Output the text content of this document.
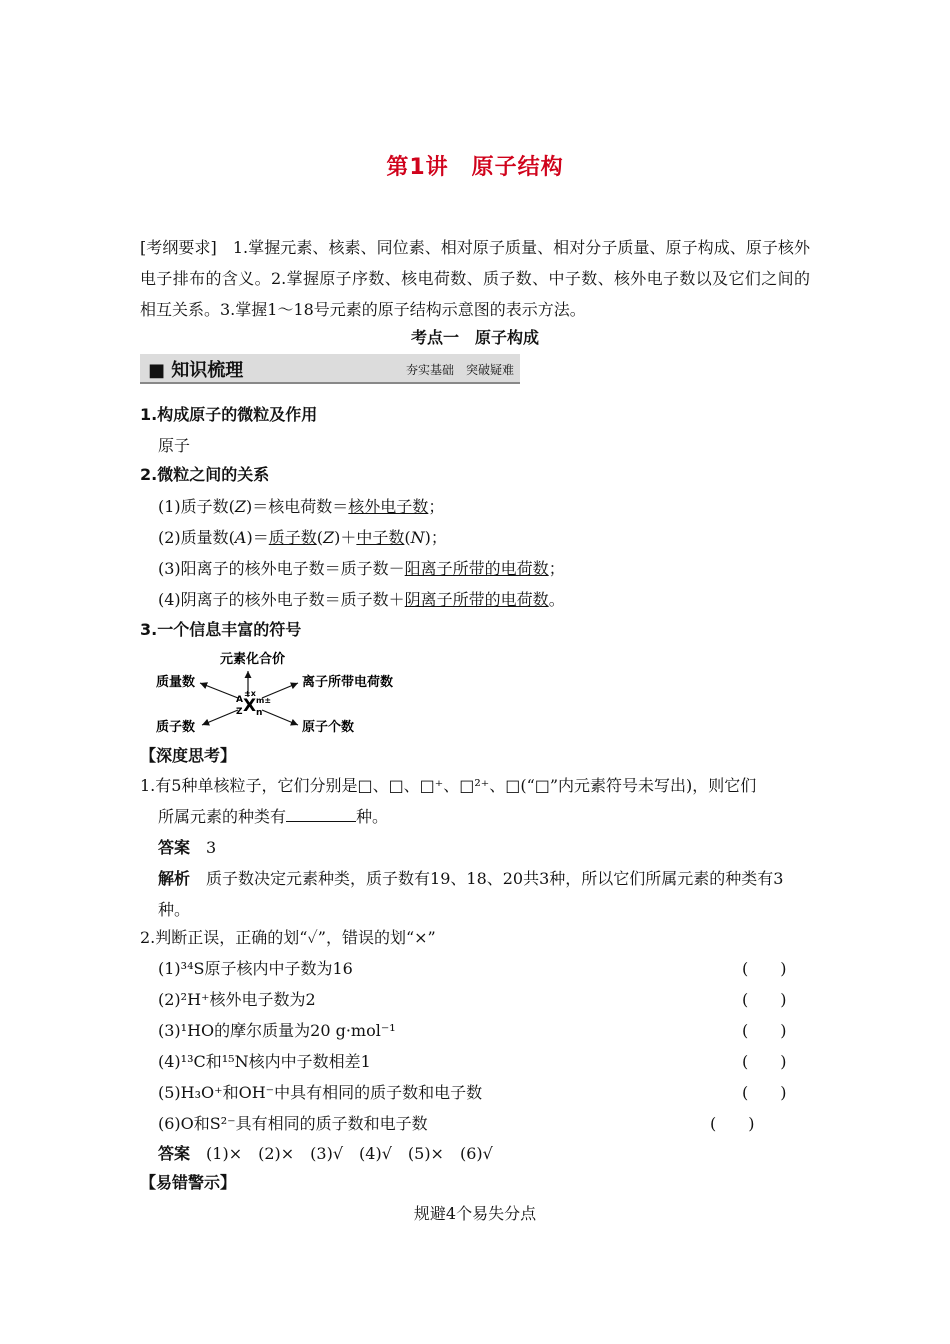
第1讲　原子结构
[考纲要求]　1.掌握元素、核素、同位素、相对原子质量、相对分子质量、原子构成、原子核外电子排布的含义。2.掌握原子序数、核电荷数、质子数、中子数、核外电子数以及它们之间的相互关系。3.掌握1～18号元素的原子结构示意图的表示方法。
考点一　原子构成
■ 知识梳理	夯实基础　突破疑难
1.构成原子的微粒及作用
原子
2.微粒之间的关系
(1)质子数(Z)＝核电荷数＝核外电子数；
(2)质量数(A)＝质子数(Z)＋中子数(N)；
(3)阳离子的核外电子数＝质子数－阳离子所带的电荷数；
(4)阴离子的核外电子数＝质子数＋阴离子所带的电荷数。
3.一个信息丰富的符号
元素化合价
质量数
质子数
离子所带电荷数
原子个数
X
A
Z
±x
m±
n
【深度思考】
1.有5种单核粒子，它们分别是□、□、□⁺、□²⁺、□(“□”内元素符号未写出)，则它们
所属元素的种类有	种。
答案　 3
解析　 质子数决定元素种类，质子数有19、18、20共3种，所以它们所属元素的种类有3
种。
2.判断正误，正确的划“✓”，错误的划“×”
(1)³⁴S原子核内中子数为16	(　　)
(2)²H⁺核外电子数为2	(　　)
(3)¹HO的摩尔质量为20 g·mol⁻¹	(　　)
(4)¹³C和¹⁵N核内中子数相差1	(　　)
(5)H₃O⁺和OH⁻中具有相同的质子数和电子数	(　　)
(6)O和S²⁻具有相同的质子数和电子数	(　　)
答案　 (1)×　(2)×　(3)√　(4)√　(5)×　(6)√
【易错警示】
规避4个易失分点
